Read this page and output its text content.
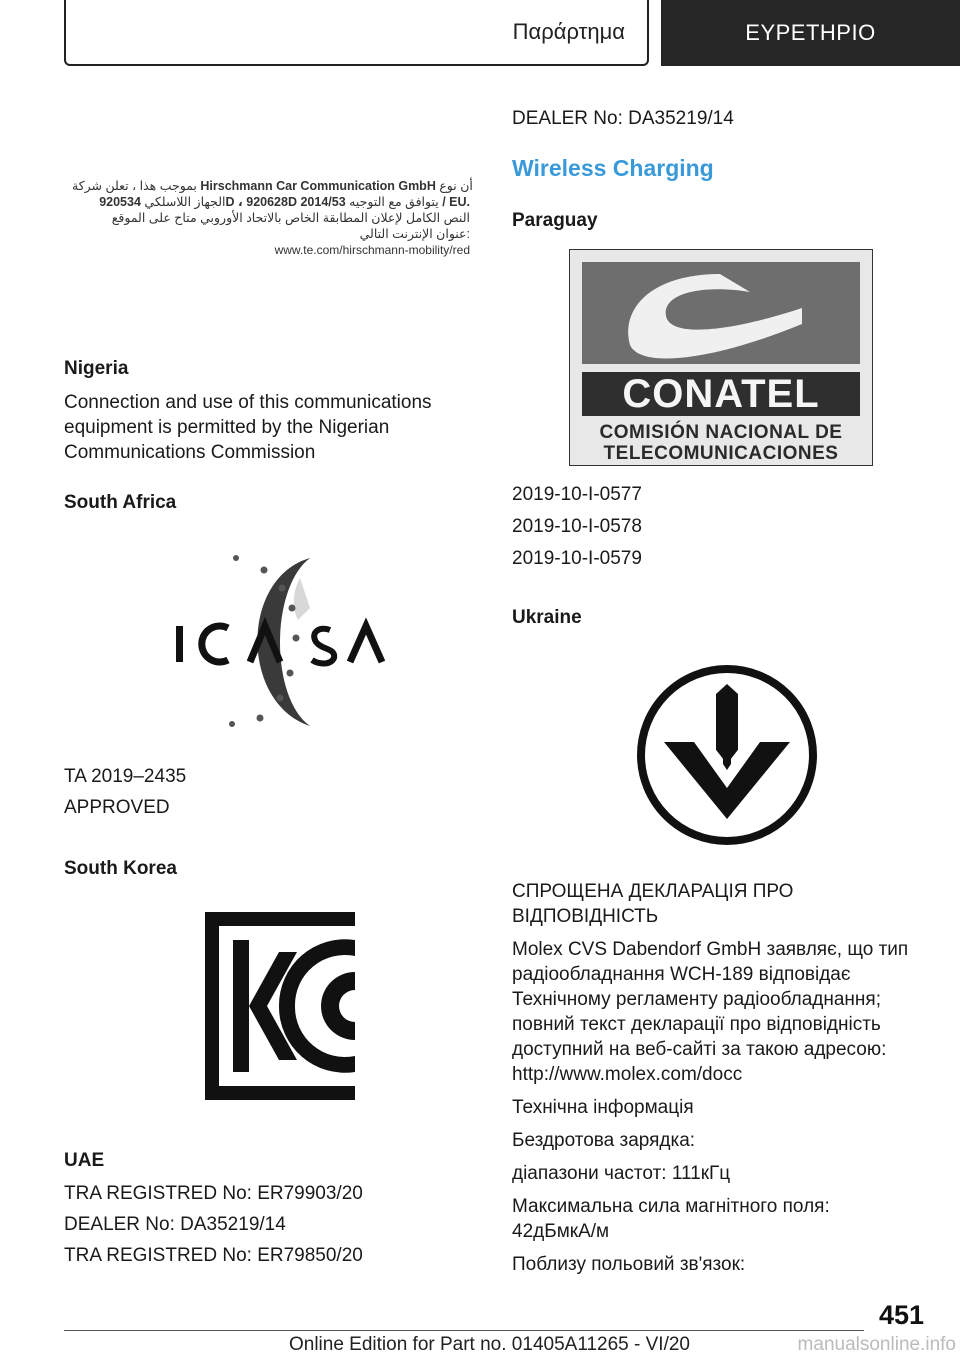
Παράρτημα	ΕΥΡΕΤΗΡΙΟ
بموجب هذا ، تعلن شركة Hirschmann Car Communication GmbH أن نوع
الجهاز اللاسلكي 920534D ، 920628D	يتوافق مع التوجيه 2014/53 / EU.
النص الكامل لإعلان المطابقة الخاص بالاتحاد الأوروبي متاح على الموقع
عنوان الإنترنت التالي:
www.te.com/hirschmann-mobility/red
Nigeria
Connection and use of this communications
equipment is permitted by the Nigerian
Communications Commission
South Africa
TA 2019–2435
APPROVED
South Korea
UAE
TRA REGISTRED No: ER79903/20
DEALER No: DA35219/14
TRA REGISTRED No: ER79850/20
DEALER No: DA35219/14
Wireless Charging
Paraguay
CONATEL
COMISIÓN NACIONAL DE
TELECOMUNICACIONES
2019-10-I-0577
2019-10-I-0578
2019-10-I-0579
Ukraine
СПРОЩЕНА ДЕКЛАРАЦІЯ ПРО
ВІДПОВІДНІСТЬ
Molex CVS Dabendorf GmbH заявляє, що тип
радіообладнання WCH-189 відповідає
Технічному регламенту радіообладнання;
повний текст декларації про відповідність
доступний на веб-сайті за такою адресою:
http://www.molex.com/docc
Технічна інформація
Бездротова зарядка:
діапазони частот: 111кГц
Максимальна сила магнітного поля:
42дБмкА/м
Поблизу польовий зв'язок:
451
Online Edition for Part no. 01405A11265 - VI/20	manualsonline.info
